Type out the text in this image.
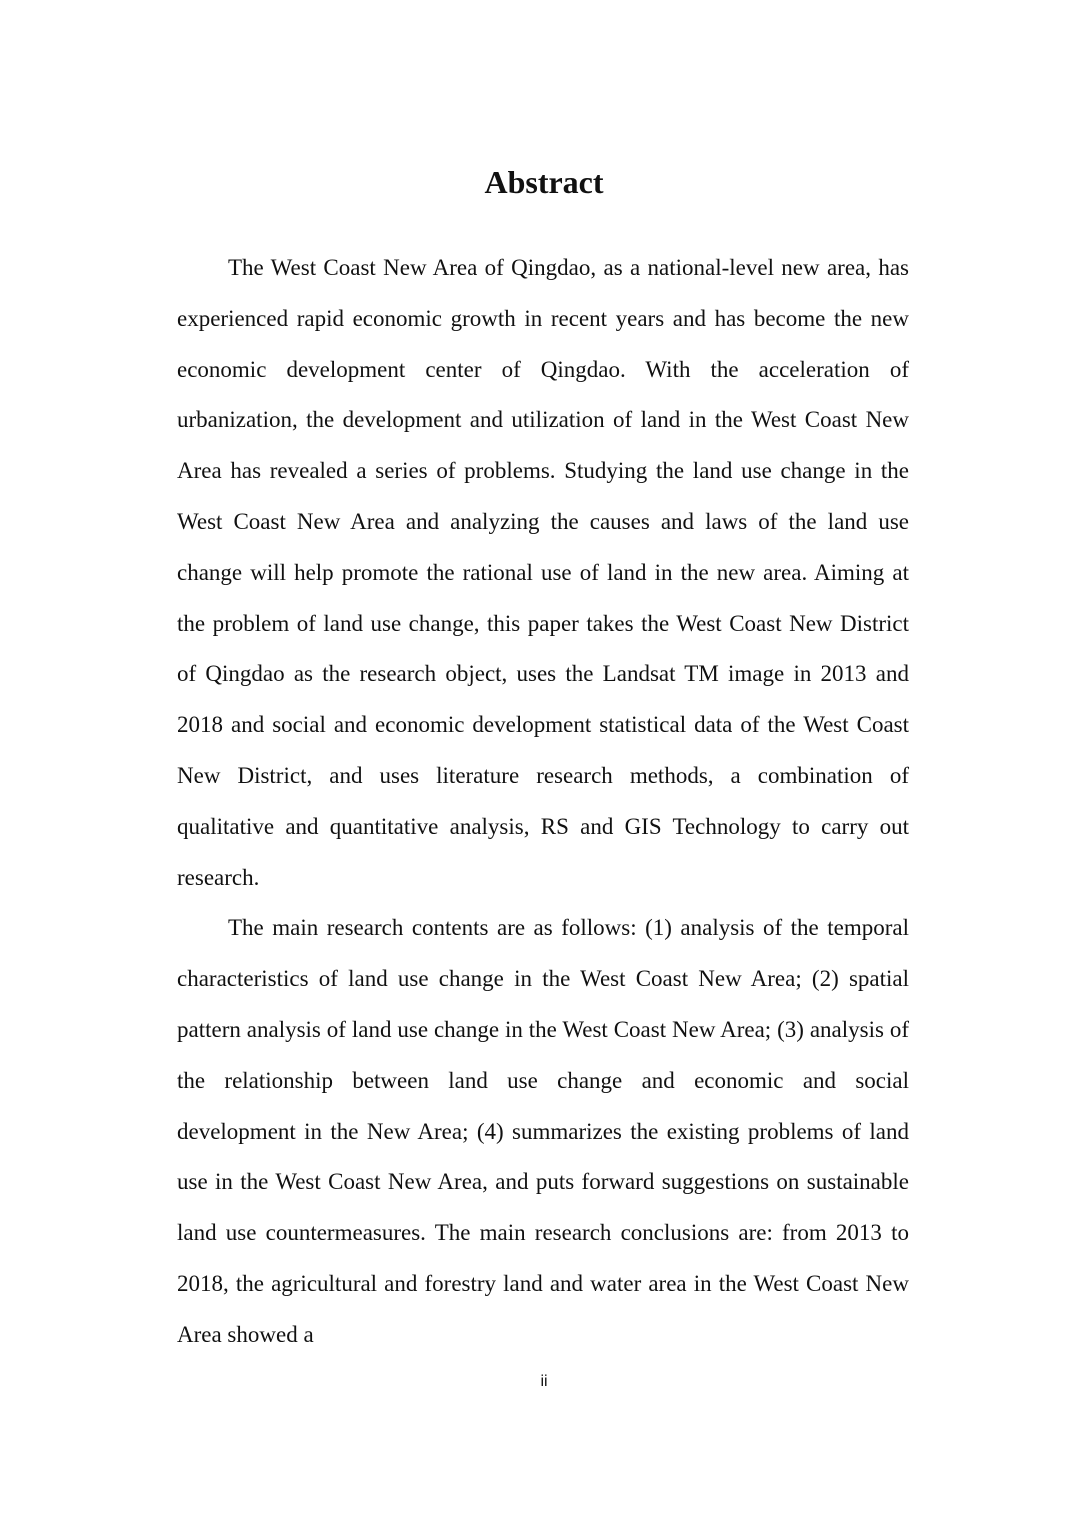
Abstract

The West Coast New Area of Qingdao, as a national-level new area, has experienced rapid economic growth in recent years and has become the new economic development center of Qingdao. With the acceleration of urbanization, the development and utilization of land in the West Coast New Area has revealed a series of problems. Studying the land use change in the West Coast New Area and analyzing the causes and laws of the land use change will help promote the rational use of land in the new area. Aiming at the problem of land use change, this paper takes the West Coast New District of Qingdao as the research object, uses the Landsat TM image in 2013 and 2018 and social and economic development statistical data of the West Coast New District, and uses literature research methods, a combination of qualitative and quantitative analysis, RS and GIS Technology to carry out research.

The main research contents are as follows: (1) analysis of the temporal characteristics of land use change in the West Coast New Area; (2) spatial pattern analysis of land use change in the West Coast New Area; (3) analysis of the relationship between land use change and economic and social development in the New Area; (4) summarizes the existing problems of land use in the West Coast New Area, and puts forward suggestions on sustainable land use countermeasures. The main research conclusions are: from 2013 to 2018, the agricultural and forestry land and water area in the West Coast New Area showed a

ii
